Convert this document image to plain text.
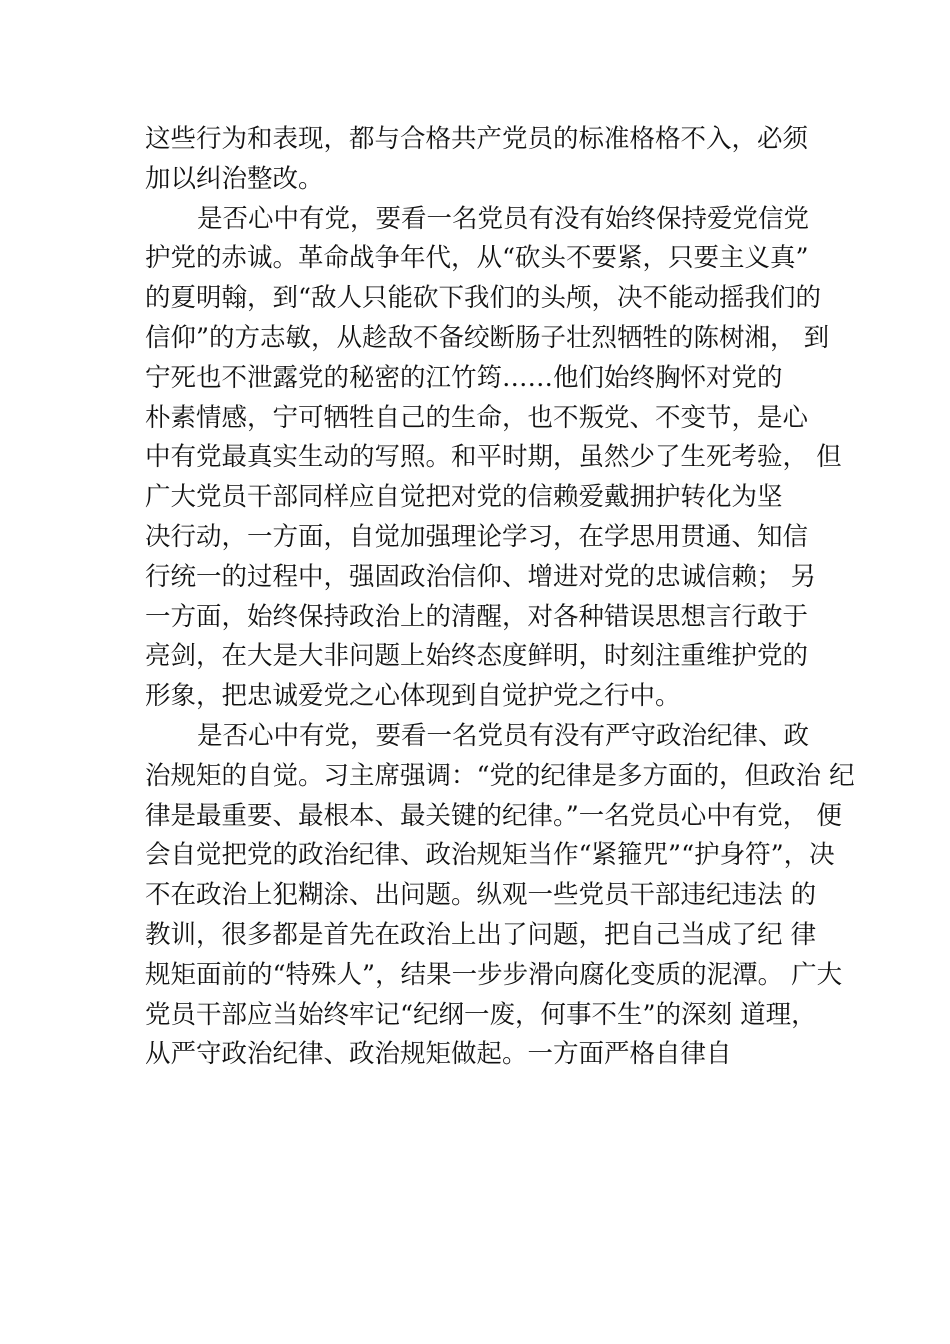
这些行为和表现，都与合格共产党员的标准格格不入，必须
加以纠治整改。
是否心中有党，要看一名党员有没有始终保持爱党信党
护党的赤诚。革命战争年代，从“砍头不要紧，只要主义真”
的夏明翰，到“敌人只能砍下我们的头颅，决不能动摇我们的
信仰”的方志敏，从趁敌不备绞断肠子壮烈牺牲的陈树湘， 到
宁死也不泄露党的秘密的江竹筠……他们始终胸怀对党的
朴素情感，宁可牺牲自己的生命，也不叛党、不变节，是心
中有党最真实生动的写照。和平时期，虽然少了生死考验， 但
广大党员干部同样应自觉把对党的信赖爱戴拥护转化为坚
决行动，一方面，自觉加强理论学习，在学思用贯通、知信
行统一的过程中，强固政治信仰、增进对党的忠诚信赖； 另
一方面，始终保持政治上的清醒，对各种错误思想言行敢于
亮剑，在大是大非问题上始终态度鲜明，时刻注重维护党的
形象，把忠诚爱党之心体现到自觉护党之行中。
是否心中有党，要看一名党员有没有严守政治纪律、政
治规矩的自觉。习主席强调：“党的纪律是多方面的，但政治 纪
律是最重要、最根本、最关键的纪律。”一名党员心中有党， 便
会自觉把党的政治纪律、政治规矩当作“紧箍咒”“护身符”，决
不在政治上犯糊涂、出问题。纵观一些党员干部违纪违法 的
教训，很多都是首先在政治上出了问题，把自己当成了纪 律
规矩面前的“特殊人”，结果一步步滑向腐化变质的泥潭。 广大
党员干部应当始终牢记“纪纲一废，何事不生”的深刻 道理，
从严守政治纪律、政治规矩做起。一方面严格自律自
